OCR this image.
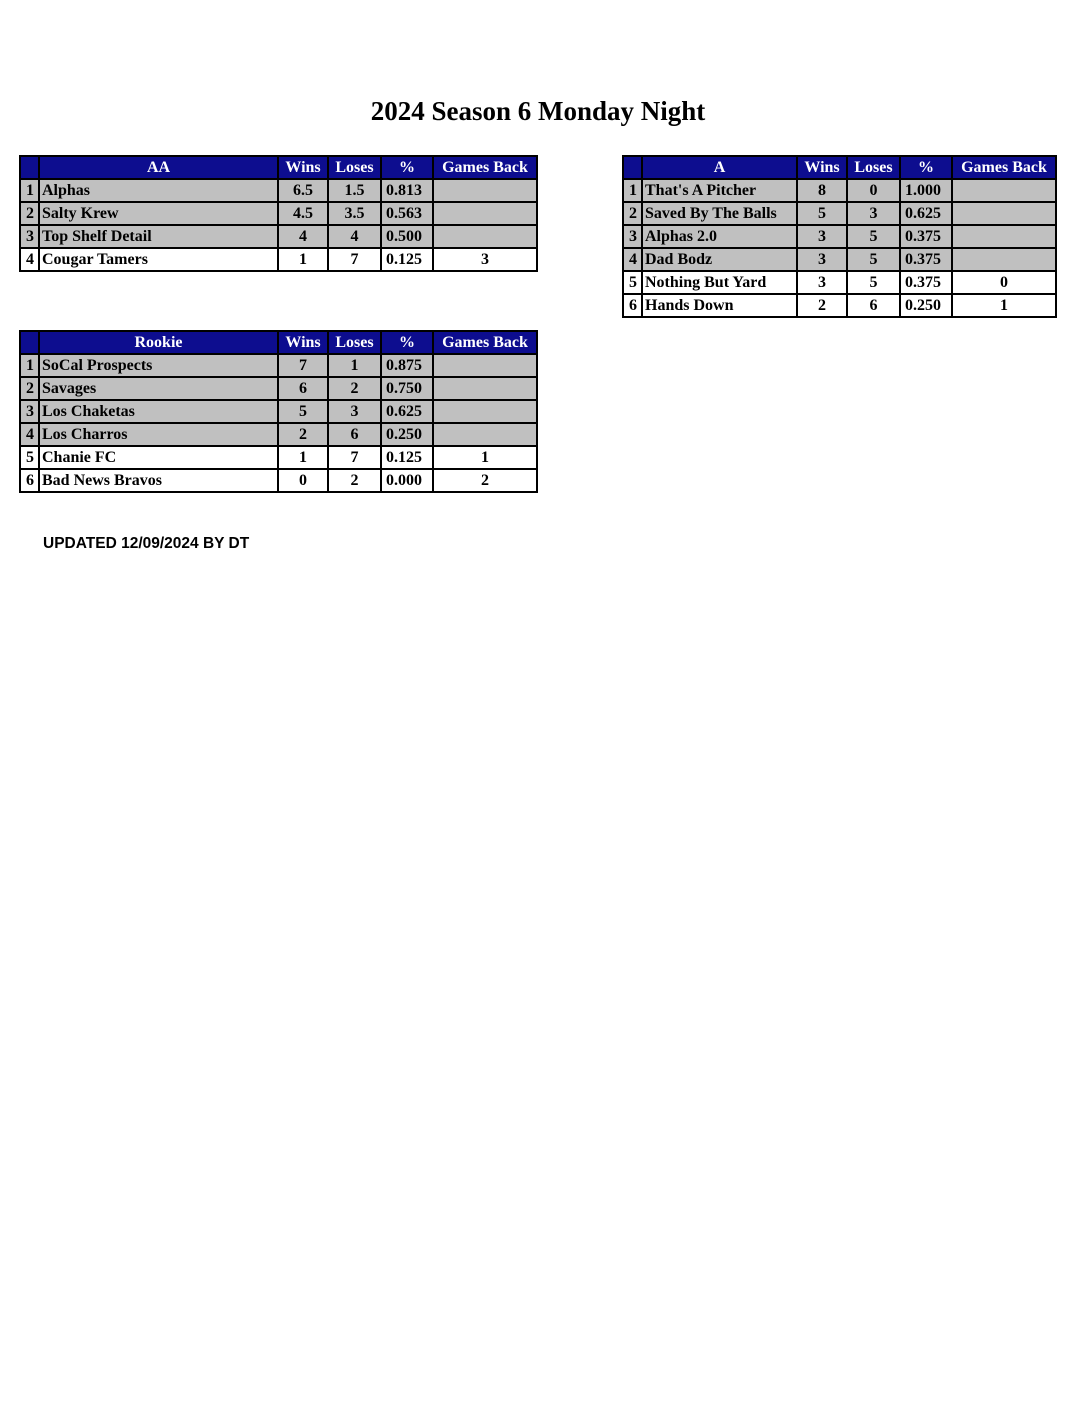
2024 Season 6 Monday Night
	AA	Wins	Loses	%	Games Back
1	Alphas	6.5	1.5	0.813	
2	Salty Krew	4.5	3.5	0.563	
3	Top Shelf Detail	4	4	0.500	
4	Cougar Tamers	1	7	0.125	3
	A	Wins	Loses	%	Games Back
1	That's A Pitcher	8	0	1.000	
2	Saved By The Balls	5	3	0.625	
3	Alphas 2.0	3	5	0.375	
4	Dad Bodz	3	5	0.375	
5	Nothing But Yard	3	5	0.375	0
6	Hands Down	2	6	0.250	1
	Rookie	Wins	Loses	%	Games Back
1	SoCal Prospects	7	1	0.875	
2	Savages	6	2	0.750	
3	Los Chaketas	5	3	0.625	
4	Los Charros	2	6	0.250	
5	Chanie FC	1	7	0.125	1
6	Bad News Bravos	0	2	0.000	2
UPDATED 12/09/2024 BY DT
